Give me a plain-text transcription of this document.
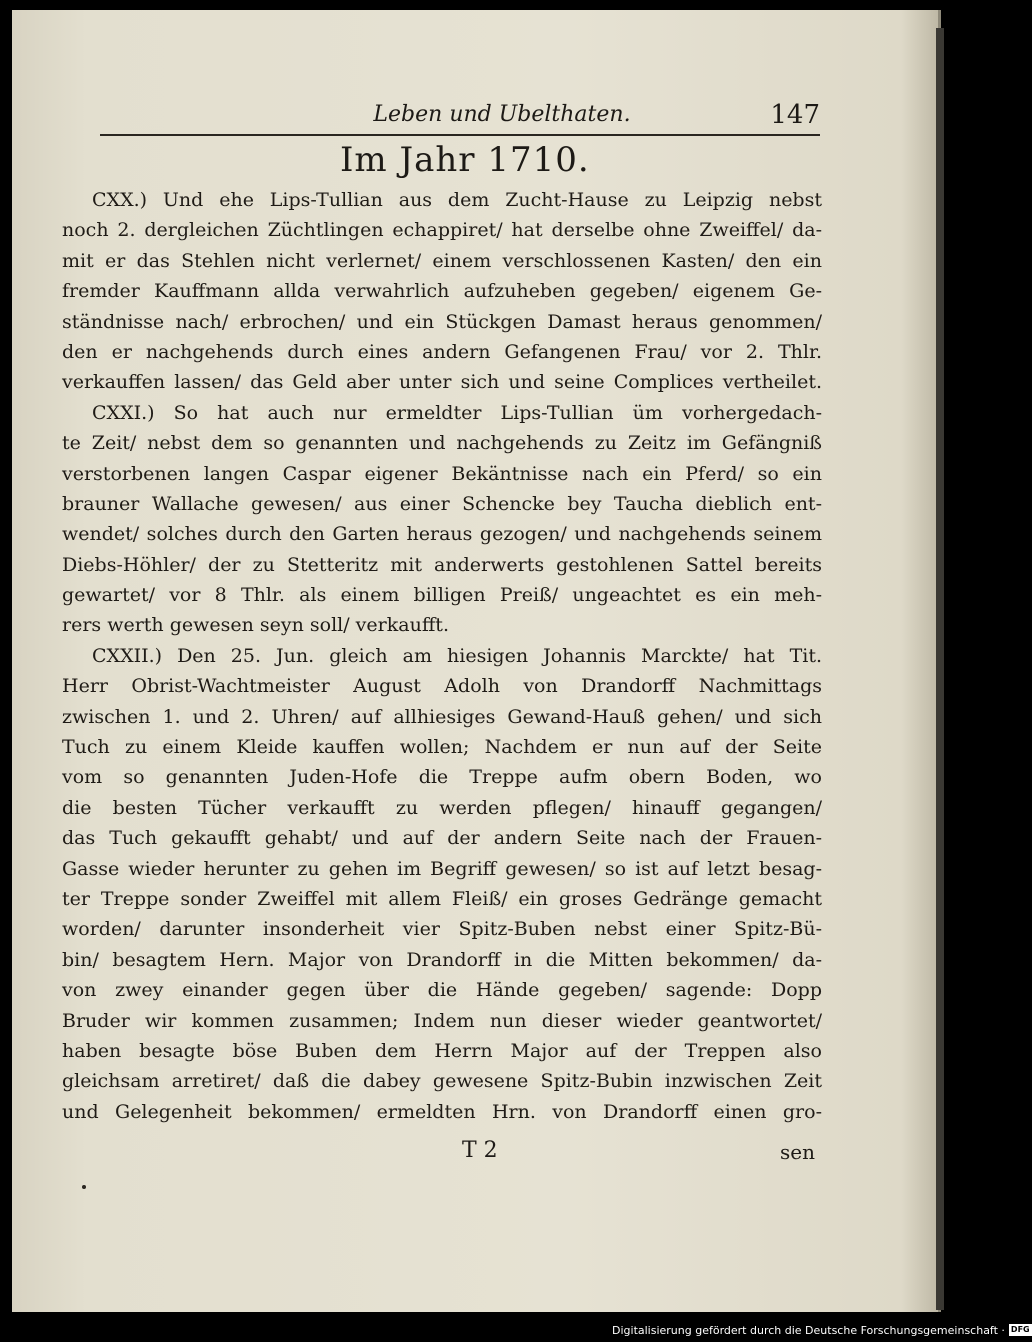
Leben und Ubelthaten.	147
Im Jahr 1710.
CXX.) Und ehe Lips-Tullian aus dem Zucht-Hause zu Leipzig nebst
noch 2. dergleichen Züchtlingen echappiret/ hat derselbe ohne Zweiffel/ da-
mit er das Stehlen nicht verlernet/ einem verschlossenen Kasten/ den ein
fremder Kauffmann allda verwahrlich aufzuheben gegeben/ eigenem Ge-
ständnisse nach/ erbrochen/ und ein Stückgen Damast heraus genommen/
den er nachgehends durch eines andern Gefangenen Frau/ vor 2. Thlr.
verkauffen lassen/ das Geld aber unter sich und seine Complices vertheilet.
CXXI.) So hat auch nur ermeldter Lips-Tullian üm vorhergedach-
te Zeit/ nebst dem so genannten und nachgehends zu Zeitz im Gefängniß
verstorbenen langen Caspar eigener Bekäntnisse nach ein Pferd/ so ein
brauner Wallache gewesen/ aus einer Schencke bey Taucha dieblich ent-
wendet/ solches durch den Garten heraus gezogen/ und nachgehends seinem
Diebs-Höhler/ der zu Stetteritz mit anderwerts gestohlenen Sattel bereits
gewartet/ vor 8 Thlr. als einem billigen Preiß/ ungeachtet es ein meh-
rers werth gewesen seyn soll/ verkaufft.
CXXII.) Den 25. Jun. gleich am hiesigen Johannis Marckte/ hat Tit.
Herr Obrist-Wachtmeister August Adolh von Drandorff Nachmittags
zwischen 1. und 2. Uhren/ auf allhiesiges Gewand-Hauß gehen/ und sich
Tuch zu einem Kleide kauffen wollen; Nachdem er nun auf der Seite
vom so genannten Juden-Hofe die Treppe aufm obern Boden, wo
die besten Tücher verkaufft zu werden pflegen/ hinauff gegangen/
das Tuch gekaufft gehabt/ und auf der andern Seite nach der Frauen-
Gasse wieder herunter zu gehen im Begriff gewesen/ so ist auf letzt besag-
ter Treppe sonder Zweiffel mit allem Fleiß/ ein groses Gedränge gemacht
worden/ darunter insonderheit vier Spitz-Buben nebst einer Spitz-Bü-
bin/ besagtem Hern. Major von Drandorff in die Mitten bekommen/ da-
von zwey einander gegen über die Hände gegeben/ sagende: Dopp
Bruder wir kommen zusammen; Indem nun dieser wieder geantwortet/
haben besagte böse Buben dem Herrn Major auf der Treppen also
gleichsam arretiret/ daß die dabey gewesene Spitz-Bubin inzwischen Zeit
und Gelegenheit bekommen/ ermeldten Hrn. von Drandorff einen gro-
T 2	sen
Digitalisierung gefördert durch die Deutsche Forschungsgemeinschaft · DFG
